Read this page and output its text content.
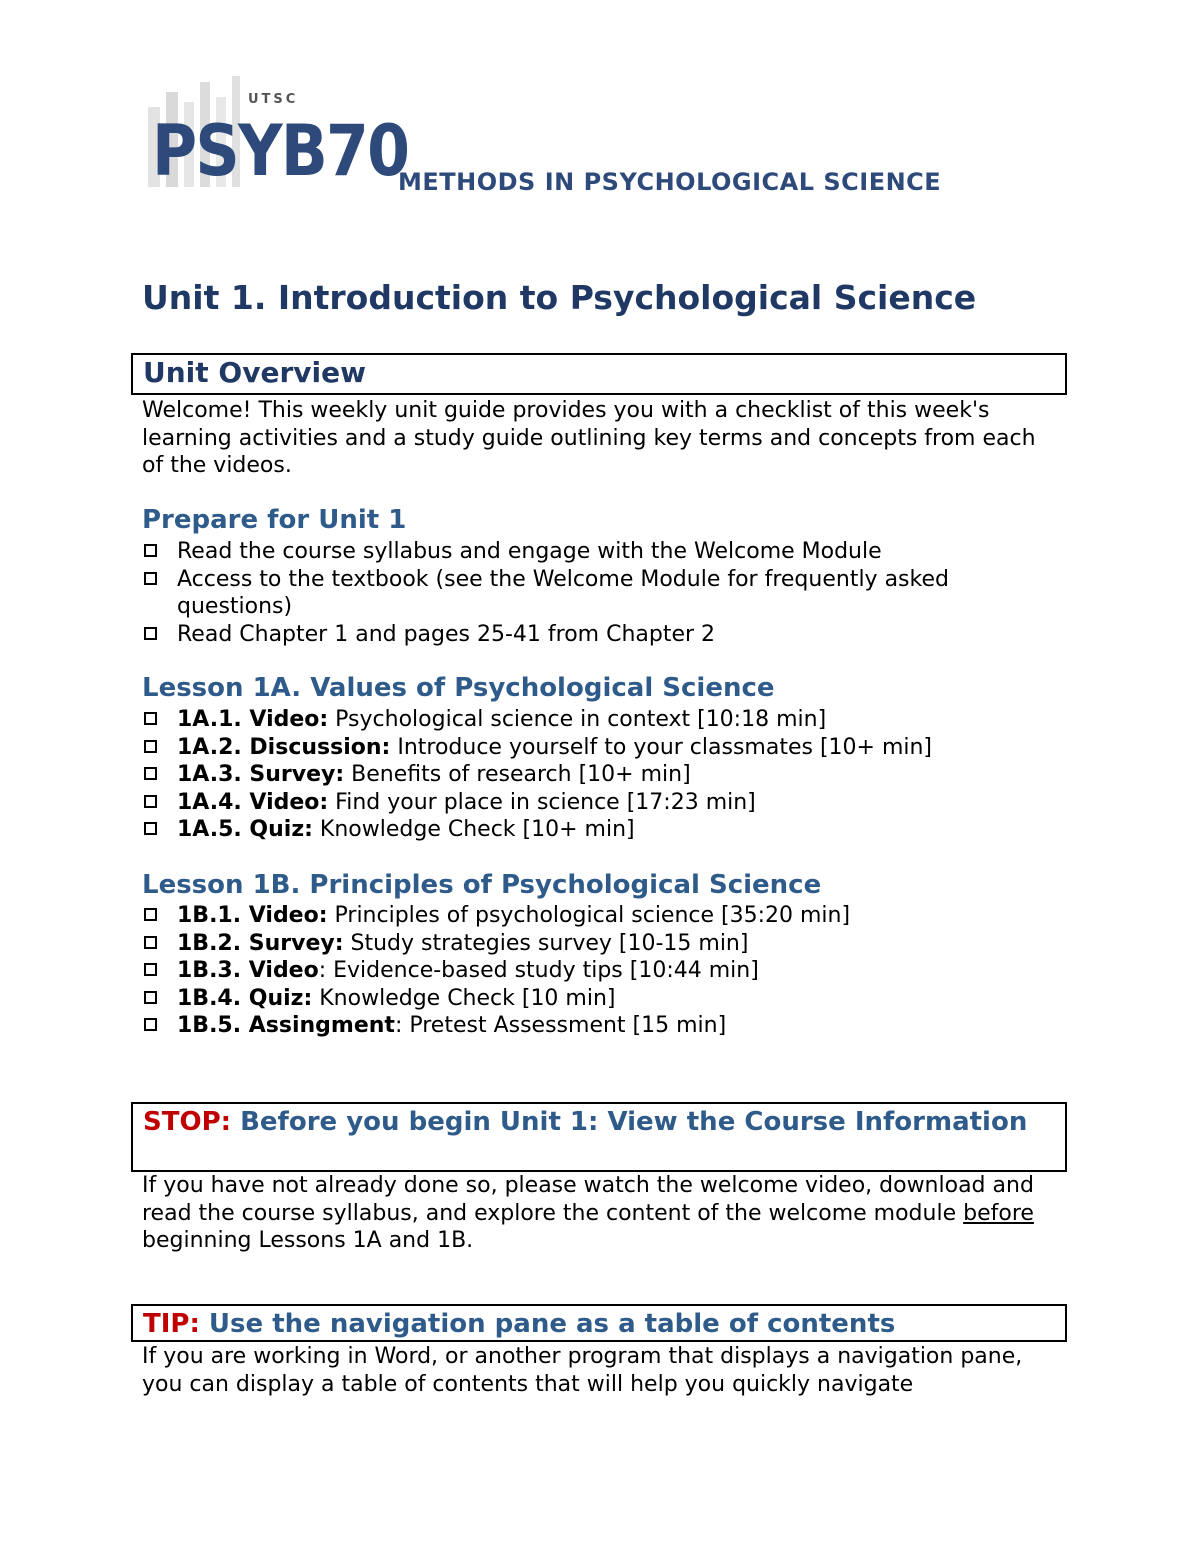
UTSC
PSYB70
METHODS IN PSYCHOLOGICAL SCIENCE
Unit 1. Introduction to Psychological Science
Unit Overview

Welcome! This weekly unit guide provides you with a checklist of this week's learning activities and a study guide outlining key terms and concepts from each of the videos.

Prepare for Unit 1
Read the course syllabus and engage with the Welcome Module
Access to the textbook (see the Welcome Module for frequently asked questions)
Read Chapter 1 and pages 25-41 from Chapter 2
Lesson 1A. Values of Psychological Science
1A.1. Video: Psychological science in context [10:18 min]
1A.2. Discussion: Introduce yourself to your classmates [10+ min]
1A.3. Survey: Benefits of research [10+ min]
1A.4. Video: Find your place in science [17:23 min]
1A.5. Quiz: Knowledge Check [10+ min]
Lesson 1B. Principles of Psychological Science
1B.1. Video: Principles of psychological science [35:20 min]
1B.2. Survey: Study strategies survey [10-15 min]
1B.3. Video: Evidence-based study tips [10:44 min]
1B.4. Quiz: Knowledge Check [10 min]
1B.5. Assingment: Pretest Assessment [15 min]
STOP: Before you begin Unit 1: View the Course Information

If you have not already done so, please watch the welcome video, download and read the course syllabus, and explore the content of the welcome module before beginning Lessons 1A and 1B.

TIP: Use the navigation pane as a table of contents

If you are working in Word, or another program that displays a navigation pane, you can display a table of contents that will help you quickly navigate
